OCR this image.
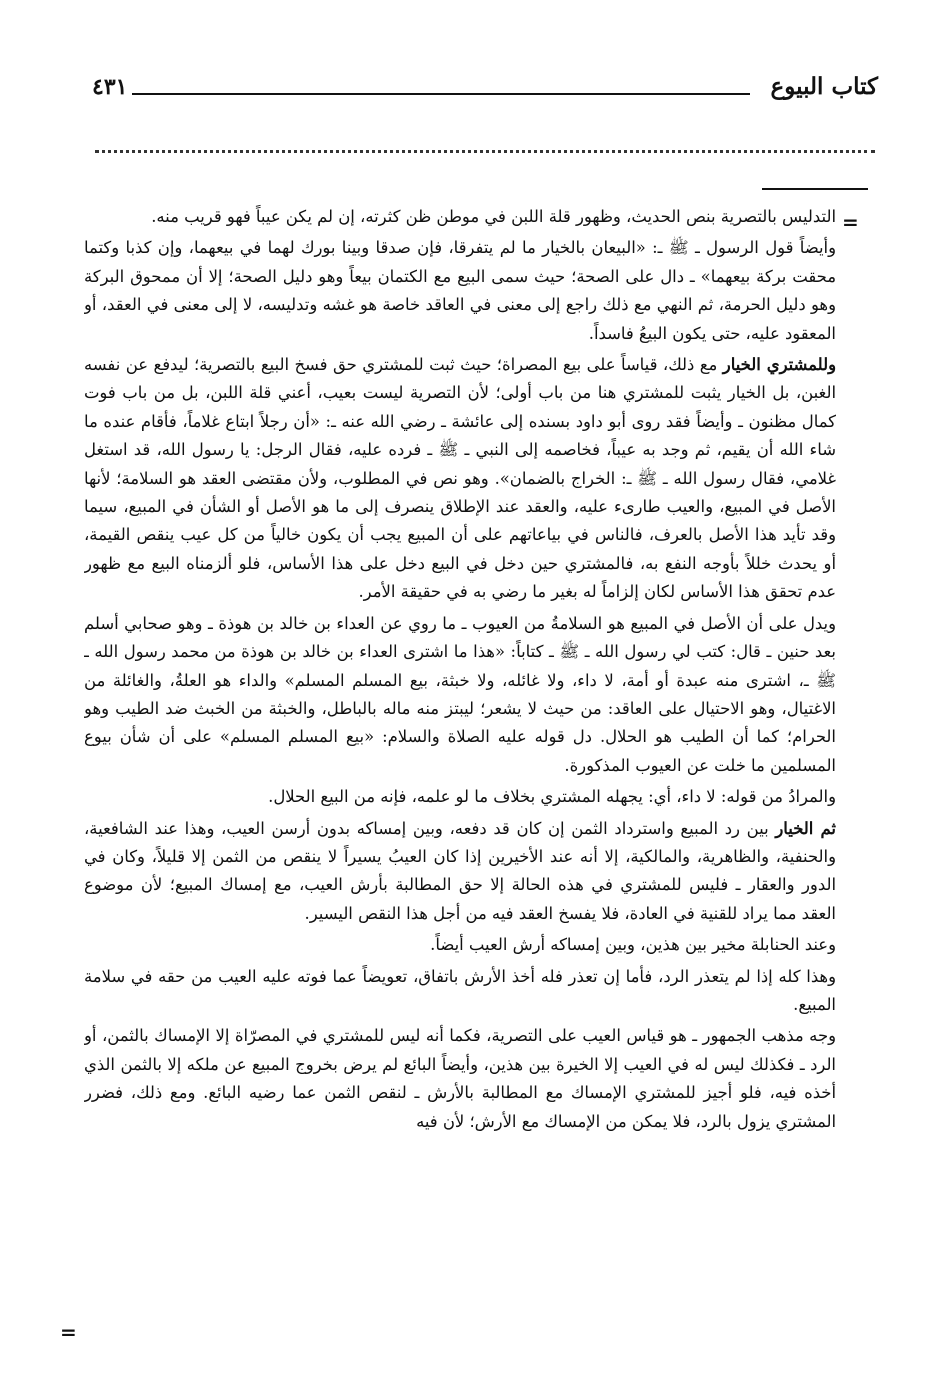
كتاب البيوع
٤٣١
=
=

التدليس بالتصرية بنص الحديث، وظهور قلة اللبن في موطن ظن كثرته، إن لم يكن عيباً فهو قريب منه.

وأيضاً قول الرسول ـ ﷺ ـ: «البيعان بالخيار ما لم يتفرقا، فإن صدقا وبينا بورك لهما في بيعهما، وإن كذبا وكتما محقت بركة بيعهما» ـ دال على الصحة؛ حيث سمى البيع مع الكتمان بيعاً وهو دليل الصحة؛ إلا أن ممحوق البركة وهو دليل الحرمة، ثم النهي مع ذلك راجع إلى معنى في العاقد خاصة هو غشه وتدليسه، لا إلى معنى في العقد، أو المعقود عليه، حتى يكون البيعُ فاسداً.

وللمشتري الخيار مع ذلك، قياساً على بيع المصراة؛ حيث ثبت للمشتري حق فسخ البيع بالتصرية؛ ليدفع عن نفسه الغبن، بل الخيار يثبت للمشتري هنا من باب أولى؛ لأن التصرية ليست بعيب، أعني قلة اللبن، بل من باب فوت كمال مظنون ـ وأيضاً فقد روى أبو داود بسنده إلى عائشة ـ رضي الله عنه ـ: «أن رجلاً ابتاع غلاماً، فأقام عنده ما شاء الله أن يقيم، ثم وجد به عيباً، فخاصمه إلى النبي ـ ﷺ ـ فرده عليه، فقال الرجل: يا رسول الله، قد استغل غلامي، فقال رسول الله ـ ﷺ ـ: الخراج بالضمان». وهو نص في المطلوب، ولأن مقتضى العقد هو السلامة؛ لأنها الأصل في المبيع، والعيب طارىء عليه، والعقد عند الإطلاق ينصرف إلى ما هو الأصل أو الشأن في المبيع، سيما وقد تأيد هذا الأصل بالعرف، فالناس في بياعاتهم على أن المبيع يجب أن يكون خالياً من كل عيب ينقص القيمة، أو يحدث خللاً بأوجه النفع به، فالمشتري حين دخل في البيع دخل على هذا الأساس، فلو ألزمناه البيع مع ظهور عدم تحقق هذا الأساس لكان إلزاماً له بغير ما رضي به في حقيقة الأمر.

ويدل على أن الأصل في المبيع هو السلامةُ من العيوب ـ ما روي عن العداء بن خالد بن هوذة ـ وهو صحابي أسلم بعد حنين ـ قال: كتب لي رسول الله ـ ﷺ ـ كتاباً: «هذا ما اشترى العداء بن خالد بن هوذة من محمد رسول الله ـ ﷺ ـ، اشترى منه عبدة أو أمة، لا داء، ولا غائله، ولا خبثة، بيع المسلم المسلم» والداء هو العلةُ، والغائلة من الاغتيال، وهو الاحتيال على العاقد: من حيث لا يشعر؛ ليبتز منه ماله بالباطل، والخبثة من الخبث ضد الطيب وهو الحرام؛ كما أن الطيب هو الحلال. دل قوله عليه الصلاة والسلام: «بيع المسلم المسلم» على أن شأن بيوع المسلمين ما خلت عن العيوب المذكورة.

والمرادُ من قوله: لا داء، أي: يجهله المشتري بخلاف ما لو علمه، فإنه من البيع الحلال.

ثم الخيار بين رد المبيع واسترداد الثمن إن كان قد دفعه، وبين إمساكه بدون أرسن العيب، وهذا عند الشافعية، والحنفية، والظاهرية، والمالكية، إلا أنه عند الأخيرين إذا كان العيبُ يسيراً لا ينقص من الثمن إلا قليلاً، وكان في الدور والعقار ـ فليس للمشتري في هذه الحالة إلا حق المطالبة بأرش العيب، مع إمساك المبيع؛ لأن موضوع العقد مما يراد للقنية في العادة، فلا يفسخ العقد فيه من أجل هذا النقص اليسير.

وعند الحنابلة مخير بين هذين، وبين إمساكه أرش العيب أيضاً.

وهذا كله إذا لم يتعذر الرد، فأما إن تعذر فله أخذ الأرش باتفاق، تعويضاً عما فوته عليه العيب من حقه في سلامة المبيع.

وجه مذهب الجمهور ـ هو قياس العيب على التصرية، فكما أنه ليس للمشتري في المصرّاة إلا الإمساك بالثمن، أو الرد ـ فكذلك ليس له في العيب إلا الخيرة بين هذين، وأيضاً البائع لم يرض بخروج المبيع عن ملكه إلا بالثمن الذي أخذه فيه، فلو أجيز للمشتري الإمساك مع المطالبة بالأرش ـ لنقص الثمن عما رضيه البائع. ومع ذلك، فضرر المشتري يزول بالرد، فلا يمكن من الإمساك مع الأرش؛ لأن فيه
